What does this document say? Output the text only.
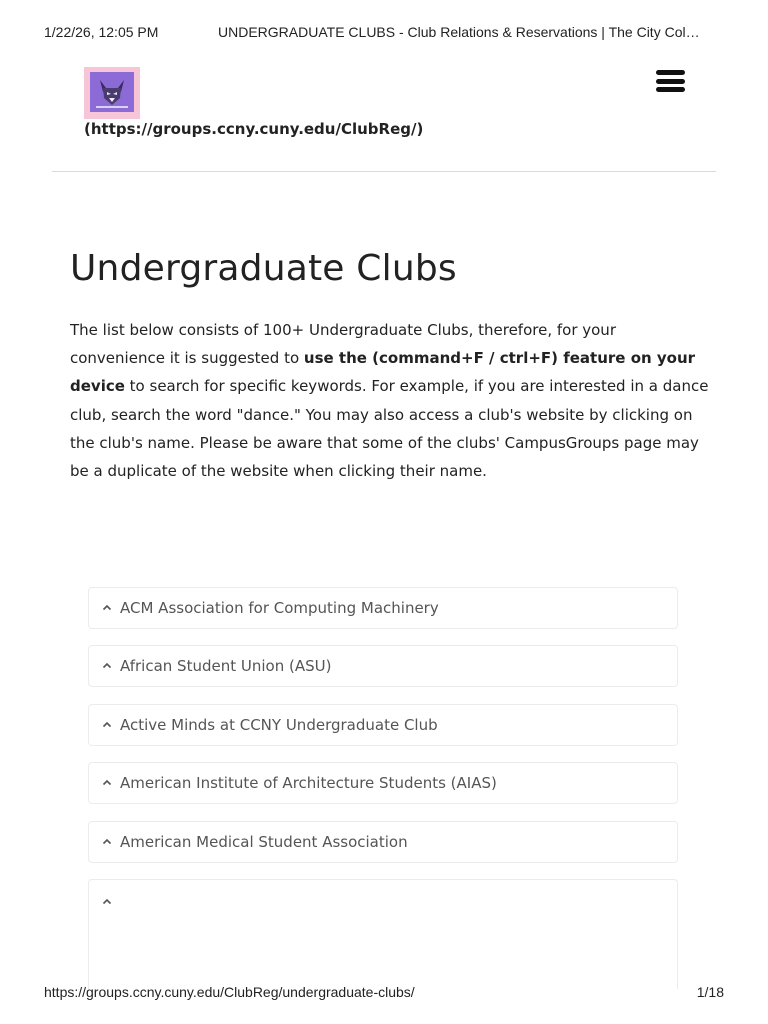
1/22/26, 12:05 PM	UNDERGRADUATE CLUBS - Club Relations & Reservations | The City Col…
(https://groups.ccny.cuny.edu/ClubReg/)
Undergraduate Clubs

The list below consists of 100+ Undergraduate Clubs, therefore, for your convenience it is suggested to use the (command+F / ctrl+F) feature on your device to search for specific keywords. For example, if you are interested in a dance club, search the word "dance." You may also access a club's website by clicking on the club's name. Please be aware that some of the clubs' CampusGroups page may be a duplicate of the website when clicking their name.

ACM Association for Computing Machinery
African Student Union (ASU)
Active Minds at CCNY Undergraduate Club
American Institute of Architecture Students (AIAS)
American Medical Student Association
https://groups.ccny.cuny.edu/ClubReg/undergraduate-clubs/	1/18
